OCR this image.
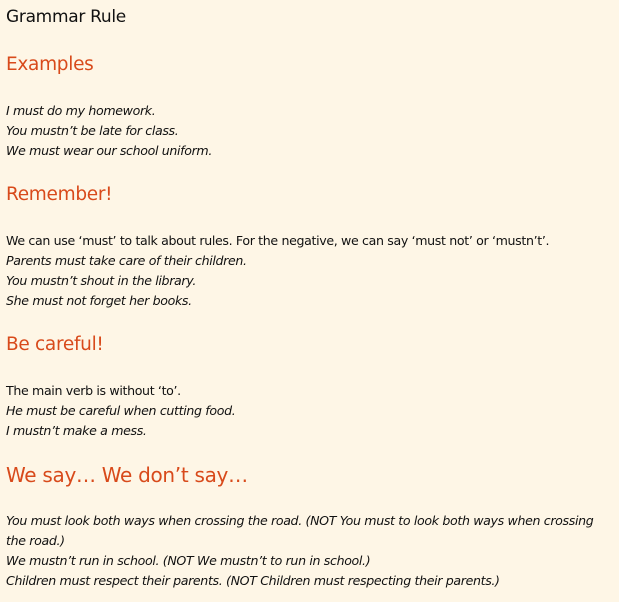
Grammar Rule
Examples
I must do my homework.
You mustn’t be late for class.
We must wear our school uniform.
Remember!
We can use ‘must’ to talk about rules. For the negative, we can say ‘must not’ or ‘mustn’t’.
Parents must take care of their children.
You mustn’t shout in the library.
She must not forget her books.
Be careful!
The main verb is without ‘to’.
He must be careful when cutting food.
I mustn’t make a mess.
We say… We don’t say…
You must look both ways when crossing the road. (NOT You must to look both ways when crossing the road.)
We mustn’t run in school. (NOT We mustn’t to run in school.)
Children must respect their parents. (NOT Children must respecting their parents.)
